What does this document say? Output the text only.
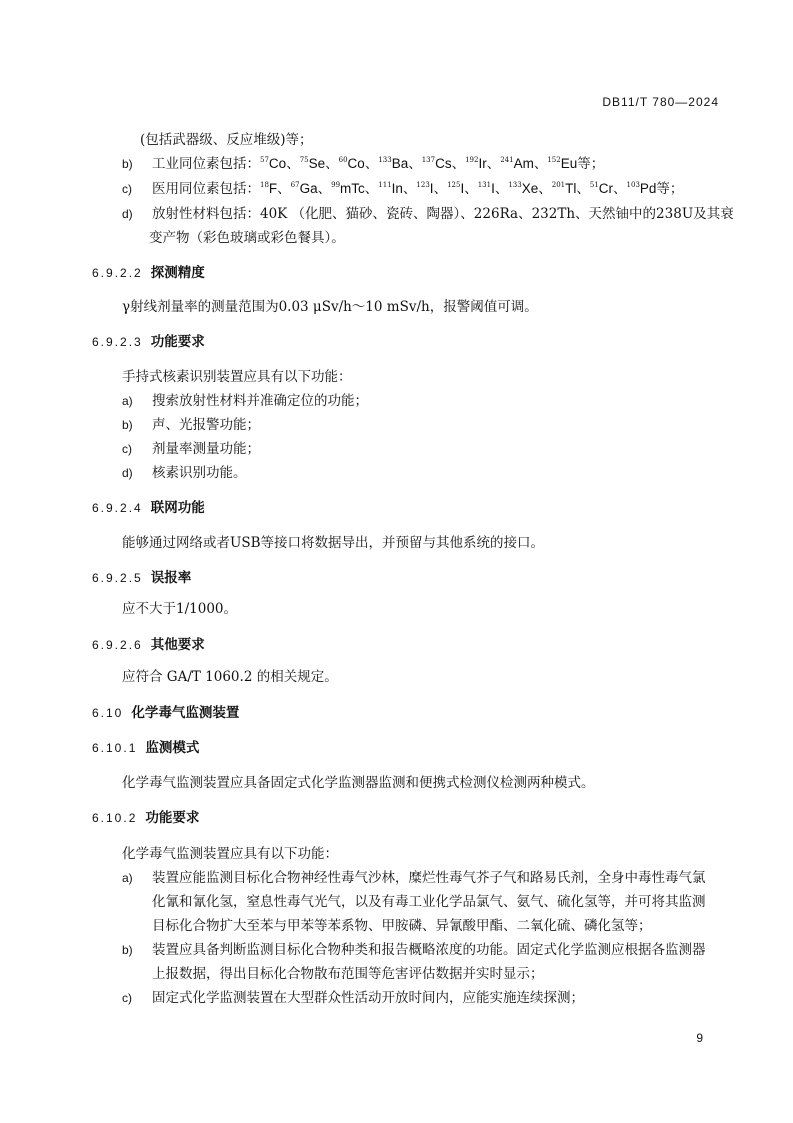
DB11/T 780—2024
(包括武器级、反应堆级)等；
b) 工业同位素包括：$^{57}$Co、$^{75}$Se、$^{60}$Co、$^{133}$Ba、$^{137}$Cs、$^{192}$Ir、$^{241}$Am、$^{152}$Eu等；
c) 医用同位素包括：$^{18}$F、$^{67}$Ga、$^{99}$mTc、$^{111}$In、$^{123}$I、$^{125}$I、$^{131}$I、$^{133}$Xe、$^{201}$Tl、$^{51}$Cr、$^{103}$Pd等；
d) 放射性材料包括：40K （化肥、猫砂、瓷砖、陶器）、226Ra、232Th、天然铀中的238U及其衰
变产物（彩色玻璃或彩色餐具）。
6.9.2.2 探测精度
γ射线剂量率的测量范围为0.03 μSv/h～10 mSv/h，报警阈值可调。
6.9.2.3 功能要求
手持式核素识别装置应具有以下功能：
a) 搜索放射性材料并准确定位的功能；
b) 声、光报警功能；
c) 剂量率测量功能；
d) 核素识别功能。
6.9.2.4 联网功能
能够通过网络或者USB等接口将数据导出，并预留与其他系统的接口。
6.9.2.5 误报率
应不大于1/1000。
6.9.2.6 其他要求
应符合 GA/T 1060.2 的相关规定。
6.10 化学毒气监测装置
6.10.1 监测模式
化学毒气监测装置应具备固定式化学监测器监测和便携式检测仪检测两种模式。
6.10.2 功能要求
化学毒气监测装置应具有以下功能：
a) 装置应能监测目标化合物神经性毒气沙林，糜烂性毒气芥子气和路易氏剂，全身中毒性毒气氯
化氰和氰化氢，窒息性毒气光气，以及有毒工业化学品氯气、氨气、硫化氢等，并可将其监测
目标化合物扩大至苯与甲苯等苯系物、甲胺磷、异氰酸甲酯、二氧化硫、磷化氢等；
b) 装置应具备判断监测目标化合物种类和报告概略浓度的功能。固定式化学监测应根据各监测器
上报数据，得出目标化合物散布范围等危害评估数据并实时显示；
c) 固定式化学监测装置在大型群众性活动开放时间内，应能实施连续探测；
9
